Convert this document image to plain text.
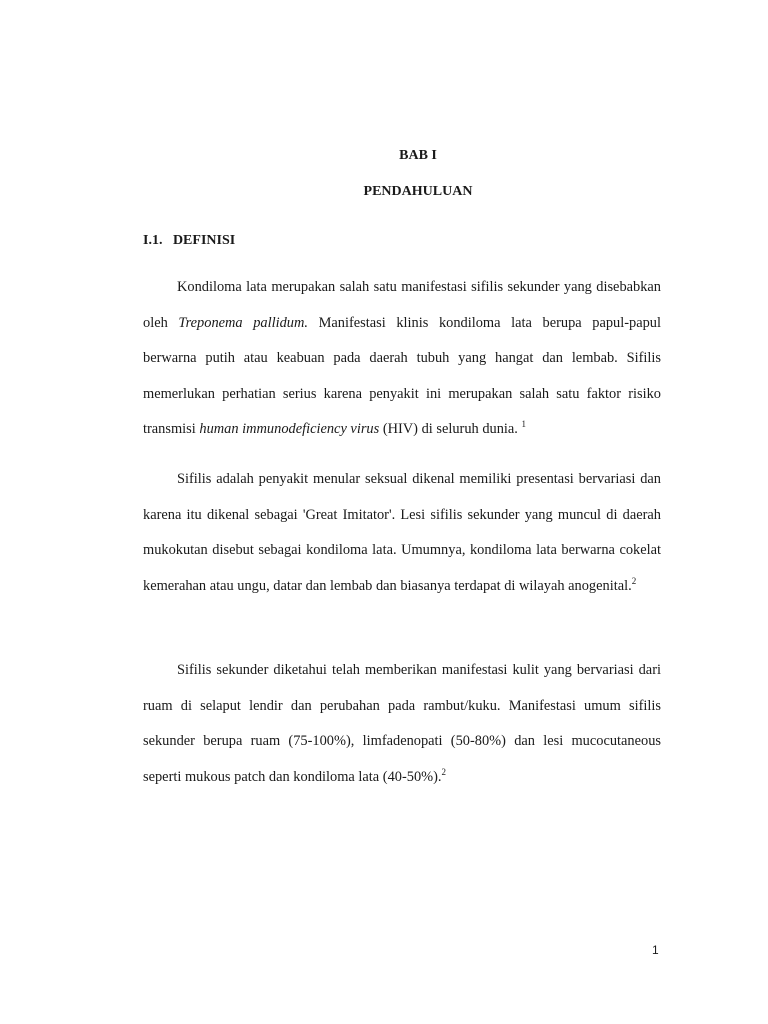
BAB I
PENDAHULUAN
I.1.   DEFINISI

Kondiloma lata merupakan salah satu manifestasi sifilis sekunder yang disebabkan oleh Treponema pallidum. Manifestasi klinis kondiloma lata berupa papul-papul berwarna putih atau keabuan pada daerah tubuh yang hangat dan lembab. Sifilis memerlukan perhatian serius karena penyakit ini merupakan salah satu faktor risiko transmisi human immunodeficiency virus (HIV) di seluruh dunia. $^1$

Sifilis adalah penyakit menular seksual dikenal memiliki presentasi bervariasi dan karena itu dikenal sebagai 'Great Imitator'. Lesi sifilis sekunder yang muncul di daerah mukokutan disebut sebagai kondiloma lata. Umumnya, kondiloma lata berwarna cokelat kemerahan atau ungu, datar dan lembab dan biasanya terdapat di wilayah anogenital.$^2$

Sifilis sekunder diketahui telah memberikan manifestasi kulit yang bervariasi dari ruam di selaput lendir dan perubahan pada rambut/kuku. Manifestasi umum sifilis sekunder berupa ruam (75-100%), limfadenopati (50-80%) dan lesi mucocutaneous seperti mukous patch dan kondiloma lata (40-50%).$^2$

1
